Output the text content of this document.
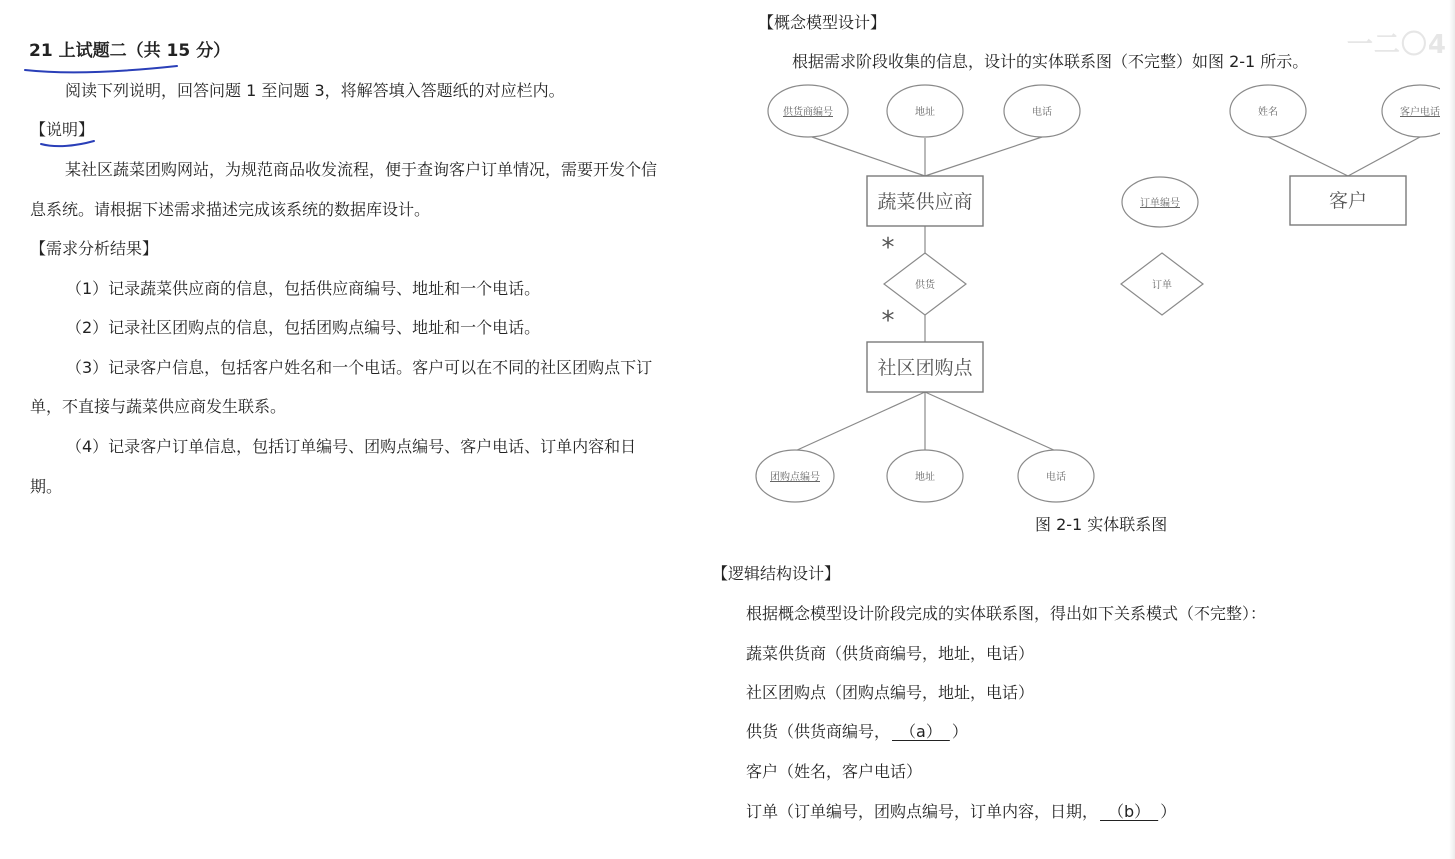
21 上试题二（共 15 分）
阅读下列说明，回答问题 1 至问题 3，将解答填入答题纸的对应栏内。
【说明】
某社区蔬菜团购网站，为规范商品收发流程，便于查询客户订单情况，需要开发个信
息系统。请根据下述需求描述完成该系统的数据库设计。
【需求分析结果】
（1）记录蔬菜供应商的信息，包括供应商编号、地址和一个电话。
（2）记录社区团购点的信息，包括团购点编号、地址和一个电话。
（3）记录客户信息，包括客户姓名和一个电话。客户可以在不同的社区团购点下订
单，不直接与蔬菜供应商发生联系。
（4）记录客户订单信息，包括订单编号、团购点编号、客户电话、订单内容和日
期。
【概念模型设计】
根据需求阶段收集的信息，设计的实体联系图（不完整）如图 2-1 所示。
供货商编号	地址	电话
订单编号
姓名	客户电话
团购点编号	地址	电话
供货	订单
蔬菜供应商	客户
社区团购点
*
*
图 2-1 实体联系图
【逻辑结构设计】
根据概念模型设计阶段完成的实体联系图，得出如下关系模式（不完整）：
蔬菜供货商（供货商编号，地址，电话）
社区团购点（团购点编号，地址，电话）
供货（供货商编号，　（a）　）
客户（姓名，客户电话）
订单（订单编号，团购点编号，订单内容，日期，　（b）　）
一二〇4
